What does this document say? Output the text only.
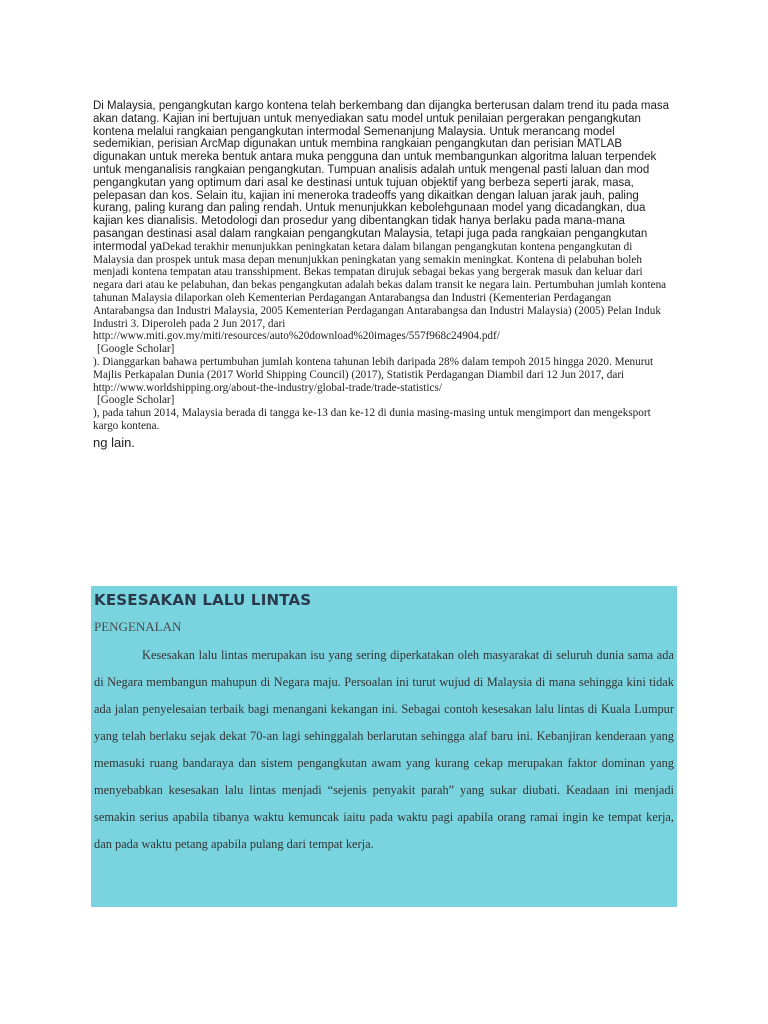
Di Malaysia, pengangkutan kargo kontena telah berkembang dan dijangka berterusan dalam trend itu pada masa akan datang. Kajian ini bertujuan untuk menyediakan satu model untuk penilaian pergerakan pengangkutan kontena melalui rangkaian pengangkutan intermodal Semenanjung Malaysia. Untuk merancang model sedemikian, perisian ArcMap digunakan untuk membina rangkaian pengangkutan dan perisian MATLAB digunakan untuk mereka bentuk antara muka pengguna dan untuk membangunkan algoritma laluan terpendek untuk menganalisis rangkaian pengangkutan. Tumpuan analisis adalah untuk mengenal pasti laluan dan mod pengangkutan yang optimum dari asal ke destinasi untuk tujuan objektif yang berbeza seperti jarak, masa, pelepasan dan kos. Selain itu, kajian ini meneroka tradeoffs yang dikaitkan dengan laluan jarak jauh, paling kurang, paling kurang dan paling rendah. Untuk menunjukkan kebolehgunaan model yang dicadangkan, dua kajian kes dianalisis. Metodologi dan prosedur yang dibentangkan tidak hanya berlaku pada mana-mana pasangan destinasi asal dalam rangkaian pengangkutan Malaysia, tetapi juga pada rangkaian pengangkutan intermodal yaDekad terakhir menunjukkan peningkatan ketara dalam bilangan pengangkutan kontena pengangkutan di Malaysia dan prospek untuk masa depan menunjukkan peningkatan yang semakin meningkat. Kontena di pelabuhan boleh menjadi kontena tempatan atau transshipment. Bekas tempatan dirujuk sebagai bekas yang bergerak masuk dan keluar dari negara dari atau ke pelabuhan, dan bekas pengangkutan adalah bekas dalam transit ke negara lain. Pertumbuhan jumlah kontena tahunan Malaysia dilaporkan oleh Kementerian Perdagangan Antarabangsa dan Industri (Kementerian Perdagangan Antarabangsa dan Industri Malaysia, 2005 Kementerian Perdagangan Antarabangsa dan Industri Malaysia) (2005) Pelan Induk Industri 3. Diperoleh pada 2 Jun 2017, dari

http://www.miti.gov.my/miti/resources/auto%20download%20images/557f968c24904.pdf/
[Google Scholar]
). Dianggarkan bahawa pertumbuhan jumlah kontena tahunan lebih daripada 28% dalam tempoh 2015 hingga 2020. Menurut Majlis Perkapalan Dunia (2017 World Shipping Council) (2017), Statistik Perdagangan Diambil dari 12 Jun 2017, dari
http://www.worldshipping.org/about-the-industry/global-trade/trade-statistics/
[Google Scholar]
), pada tahun 2014, Malaysia berada di tangga ke-13 dan ke-12 di dunia masing-masing untuk mengimport dan mengeksport kargo kontena.

ng lain.

KESESAKAN LALU LINTAS

PENGENALAN

Kesesakan lalu lintas merupakan isu yang sering diperkatakan oleh masyarakat di seluruh dunia sama ada di Negara membangun mahupun di Negara maju. Persoalan ini turut wujud di Malaysia di mana sehingga kini tidak ada jalan penyelesaian terbaik bagi menangani kekangan ini. Sebagai contoh kesesakan lalu lintas di Kuala Lumpur yang telah berlaku sejak dekat 70-an lagi sehinggalah berlarutan sehingga alaf baru ini. Kebanjiran kenderaan yang memasuki ruang bandaraya dan sistem pengangkutan awam yang kurang cekap merupakan faktor dominan yang menyebabkan kesesakan lalu lintas menjadi “sejenis penyakit parah” yang sukar diubati. Keadaan ini menjadi semakin serius apabila tibanya waktu kemuncak iaitu pada waktu pagi apabila orang ramai ingin ke tempat kerja, dan pada waktu petang apabila pulang dari tempat kerja.
